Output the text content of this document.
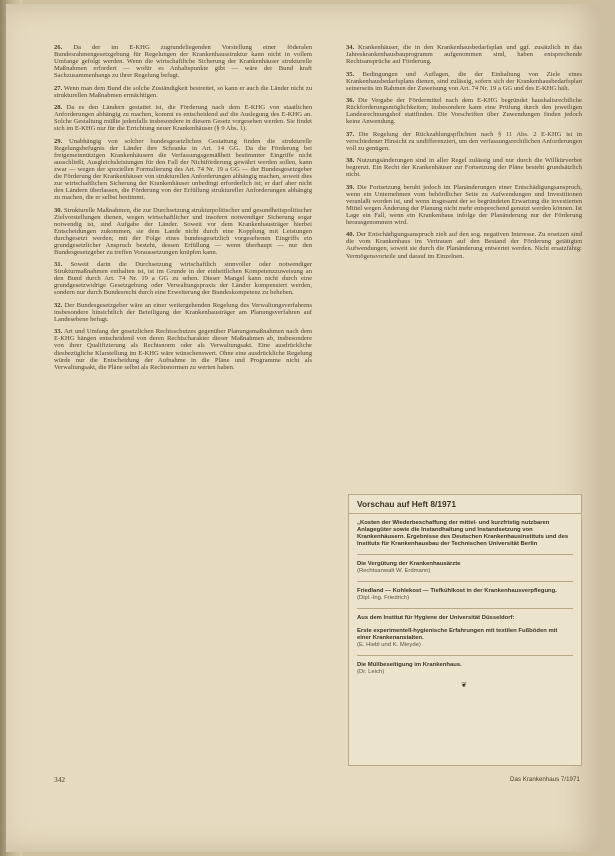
26. Da der im E-KHG zugrundeliegenden Vorstellung einer föderalen Bundesrahmengesetzgebung für Regelungen der Krankenhausstruktur kann nicht in vollem Umfange gefolgt werden. Wenn die wirtschaftliche Sicherung der Krankenhäuser strukturelle Maßnahmen erfordert — wofür es Anhaltspunkte gibt — wäre der Bund kraft Sachzusammenhangs zu ihrer Regelung befugt.

27. Wenn man dem Bund die solche Zuständigkeit bestreitet, so kann er auch die Länder nicht zu strukturellen Maßnahmen ermächtigen.

28. Da es den Ländern gestattet ist, die Förderung nach dem E-KHG von staatlichen Anforderungen abhängig zu machen, kommt es entscheidend auf die Auslegung des E-KHG an. Solche Gestaltung müßte jedenfalls insbesondere in diesem Gesetz vorgesehen werden. Sie findet sich im E-KHG nur für die Errichtung neuer Krankenhäuser (§ 9 Abs. 1).

29. Unabhängig von solcher bundesgesetzlichen Gestattung finden die strukturelle Regelungsbefugnis der Länder ihre Schranke in Art. 14 GG. Da die Förderung bei freigemeinnützigen Krankenhäusern die Verfassungsgemäßheit bestimmter Eingriffe nicht ausschließt, Ausgleichsleistungen für den Fall der Nichtförderung gewährt werden sollen, kann zwar — wegen der speziellen Formulierung des Art. 74 Nr. 19 a GG — der Bundesgesetzgeber die Förderung der Krankenhäuser von strukturellen Anforderungen abhängig machen, soweit dies zur wirtschaftlichen Sicherung der Krankenhäuser unbedingt erforderlich ist; er darf aber nicht den Ländern überlassen, die Förderung von der Erfüllung struktureller Anforderungen abhängig zu machen, die er selbst bestimmt.

30. Strukturelle Maßnahmen, die zur Durchsetzung strukturpolitischer und gesundheitspolitischer Zielvorstellungen dienen, wegen wirtschaftlicher und insofern notwendiger Sicherung sogar notwendig ist, sind Aufgabe der Länder. Soweit vor dem Krankenhausträger hierbei Entscheidungen zukommen, sie dem Lande nicht durch eine Kopplung mit Leistungen durchgesetzt werden; mit der Folge eines bundesgesetzlich vorgesehenen Eingriffs ein grundgesetzlicher Anspruch besteht, dessen Erfüllung — wenn überhaupt — nur den Bundesgesetzgeber zu treffen Voraussetzungen knüpfen kann.

31. Soweit darin die Durchsetzung wirtschaftlich sinnvoller oder notwendiger Strukturmaßnahmen enthalten ist, ist im Grunde in der einheitlichen Kompetenzzuweisung an den Bund durch Art. 74 Nr. 19 a GG zu sehen. Dieser Mangel kann nicht durch eine grundgesetzwidrige Gesetzgebung oder Verwaltungspraxis der Länder kompensiert werden, sondern nur durch Bundesrecht durch eine Erweiterung der Bundeskompetenz zu beheben.

32. Der Bundesgesetzgeber wäre an einer weitergehenden Regelung des Verwaltungsverfahrens insbesondere hinsichtlich der Beteiligung der Krankenhausträger am Planungsverfahren auf Landesebene befugt.

33. Art und Umfang der gesetzlichen Rechtsschutzes gegenüber Planungsmaßnahmen nach dem E-KHG hängen entscheidend von deren Rechtscharakter dieser Maßnahmen ab, insbesondere von ihrer Qualifizierung als Rechtsnorm oder als Verwaltungsakt. Eine ausdrückliche diesbezügliche Klarstellung im E-KHG wäre wünschenswert. Ohne eine ausdrückliche Regelung würde nur die Entscheidung der Aufnahme in die Pläne und Programme nicht als Verwaltungsakt, die Pläne selbst als Rechtsnormen zu werten haben.

34. Krankenhäuser, die in den Krankenhausbedarfsplan und ggf. zusätzlich in das Jahreskrankenhausbauprogramm aufgenommen sind, haben entsprechende Rechtsansprüche auf Förderung.

35. Bedingungen und Auflagen, die der Einhaltung von Ziele eines Krankenhausbedarfsplans dienen, sind zulässig, sofern sich der Krankenhausbedarfsplan seinerseits im Rahmen der Zuweisung von Art. 74 Nr. 19 a GG und des E-KHG hält.

36. Die Vergabe der Fördermittel nach dem E-KHG begründet haushaltsrechtliche Rückforderungsmöglichkeiten; insbesondere kann eine Prüfung durch den jeweiligen Landesrechnungshof stattfinden. Die Vorschriften über Zuwendungen finden jedoch keine Anwendung.

37. Die Regelung der Rückzahlungspflichten nach § 11 Abs. 2 E-KHG ist in verschiedener Hinsicht zu undifferenziert, um den verfassungsrechtlichen Anforderungen voll zu genügen.

38. Nutzungsänderungen sind in aller Regel zulässig und nur durch die Willkürverbot begrenzt. Ein Recht der Krankenhäuser zur Fortsetzung der Pläne besteht grundsätzlich nicht.

39. Die Fortsetzung beruht jedoch im Planänderungen einer Entschädigungsanspruch, wenn ein Unternehmen vom behördlicher Seite zu Aufwendungen und Investitionen veranlaßt worden ist, und wenn insgesamt der so begründeten Erwartung die investierten Mittel wegen Änderung der Planung nicht mehr entsprechend genutzt werden können. Ist Lage ein Fall, wenn ein Krankenhaus infolge der Planänderung nur der Förderung herausgenommen wird.

40. Der Entschädigungsanspruch zielt auf den sog. negativen Interesse. Zu ersetzen sind die vom Krankenhaus im Vertrauen auf den Bestand der Förderung getätigten Aufwendungen, soweit sie durch die Planänderung entwertet werden. Nicht ersatzfähig: Vermögensvorteile und darauf im Einzelnen.

Vorschau auf Heft 8/1971
„Kosten der Wiederbeschaffung der mittel- und kurzfristig nutzbaren Anlagegüter sowie die Instandhaltung und Instandsetzung von Krankenhäusern. Ergebnisse des Deutschen Krankenhausinstituts und des Instituts für Krankenhausbau der Technischen Universität Berlin
Die Vergütung der Krankenhausärzte
(Rechtsanwalt W. Erdmann)
Friedland — Kohlekost — Tiefkühlkost in der Krankenhausverpflegung.
(Dipl.-Ing. Friedrich)
Aus dem Institut für Hygiene der Universität Düsseldorf:
Erste experimentell-hygienische Erfahrungen mit textilen Fußböden mit einer Krankenanstalten.
(E. Hiebl und K. Mieyde)
Die Müllbeseitigung im Krankenhaus.
(Dr. Leich)
❦
342	Das Krankenhaus 7/1971
